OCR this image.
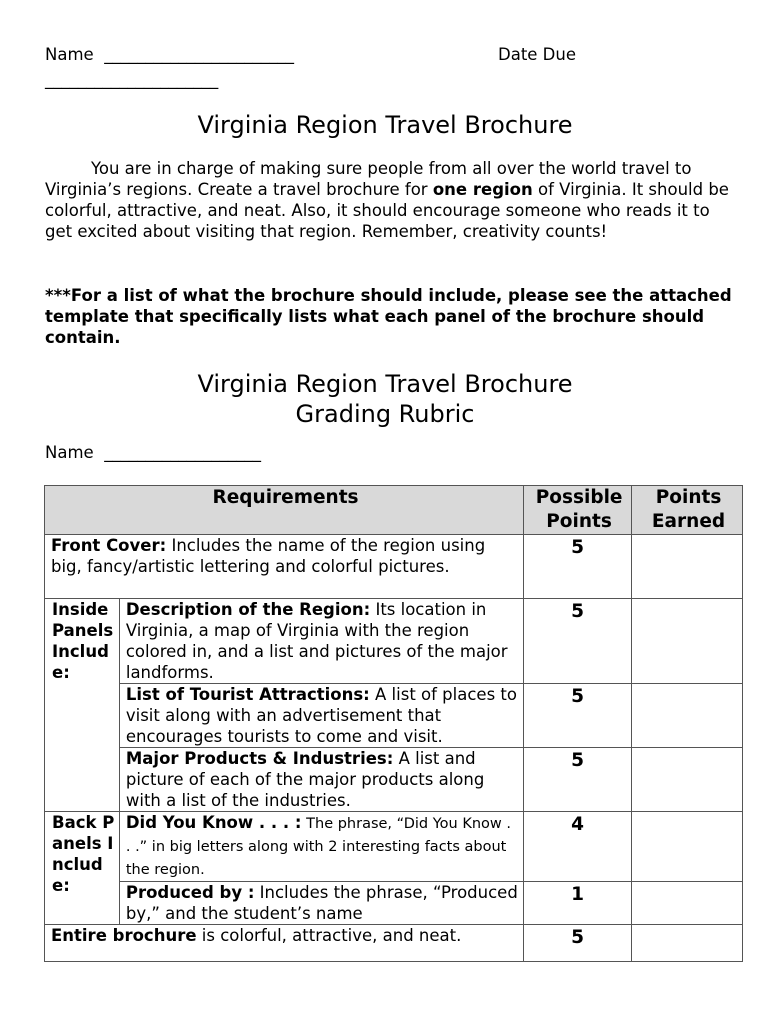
Name _______________________	Date Due
_____________________
Virginia Region Travel Brochure

You are in charge of making sure people from all over the world travel to Virginia’s regions. Create a travel brochure for one region of Virginia. It should be colorful, attractive, and neat. Also, it should encourage someone who reads it to get excited about visiting that region. Remember, creativity counts!

***For a list of what the brochure should include, please see the attached template that specifically lists what each panel of the brochure should contain.

Virginia Region Travel Brochure
Grading Rubric
Name ___________________
Requirements		Possible Points	Points Earned
Front Cover: Includes the name of the region using big, fancy/artistic lettering and colorful pictures.		5	
Inside Panels Include:	Description of the Region: Its location in Virginia, a map of Virginia with the region colored in, and a list and pictures of the major landforms.	5	
	List of Tourist Attractions: A list of places to visit along with an advertisement that encourages tourists to come and visit.	5	
	Major Products & Industries: A list and picture of each of the major products along with a list of the industries.	5	
Back Panels Include:	Did You Know . . . : The phrase, “Did You Know . . .” in big letters along with 2 interesting facts about the region.	4	
	Produced by : Includes the phrase, “Produced by,” and the student’s name	1	
Entire brochure is colorful, attractive, and neat.		5	
